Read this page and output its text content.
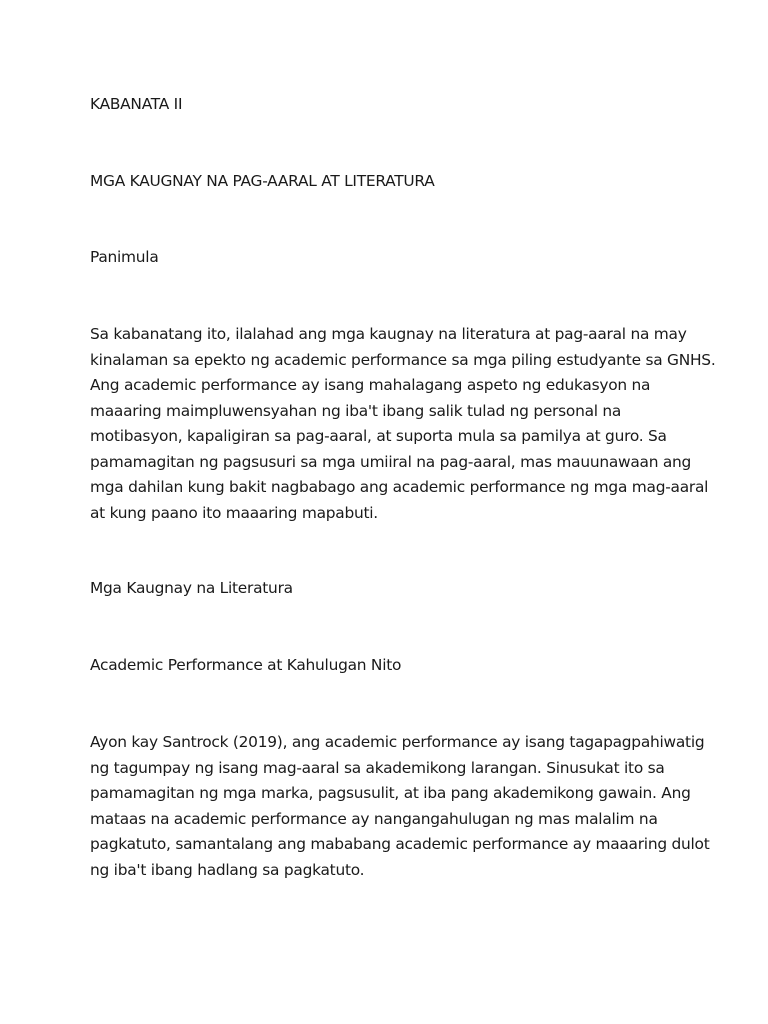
KABANATA II

MGA KAUGNAY NA PAG-AARAL AT LITERATURA

Panimula

Sa kabanatang ito, ilalahad ang mga kaugnay na literatura at pag-aaral na may
kinalaman sa epekto ng academic performance sa mga piling estudyante sa GNHS.
Ang academic performance ay isang mahalagang aspeto ng edukasyon na
maaaring maimpluwensyahan ng iba't ibang salik tulad ng personal na
motibasyon, kapaligiran sa pag-aaral, at suporta mula sa pamilya at guro. Sa
pamamagitan ng pagsusuri sa mga umiiral na pag-aaral, mas mauunawaan ang
mga dahilan kung bakit nagbabago ang academic performance ng mga mag-aaral
at kung paano ito maaaring mapabuti.

Mga Kaugnay na Literatura

Academic Performance at Kahulugan Nito

Ayon kay Santrock (2019), ang academic performance ay isang tagapagpahiwatig
ng tagumpay ng isang mag-aaral sa akademikong larangan. Sinusukat ito sa
pamamagitan ng mga marka, pagsusulit, at iba pang akademikong gawain. Ang
mataas na academic performance ay nangangahulugan ng mas malalim na
pagkatuto, samantalang ang mababang academic performance ay maaaring dulot
ng iba't ibang hadlang sa pagkatuto.
